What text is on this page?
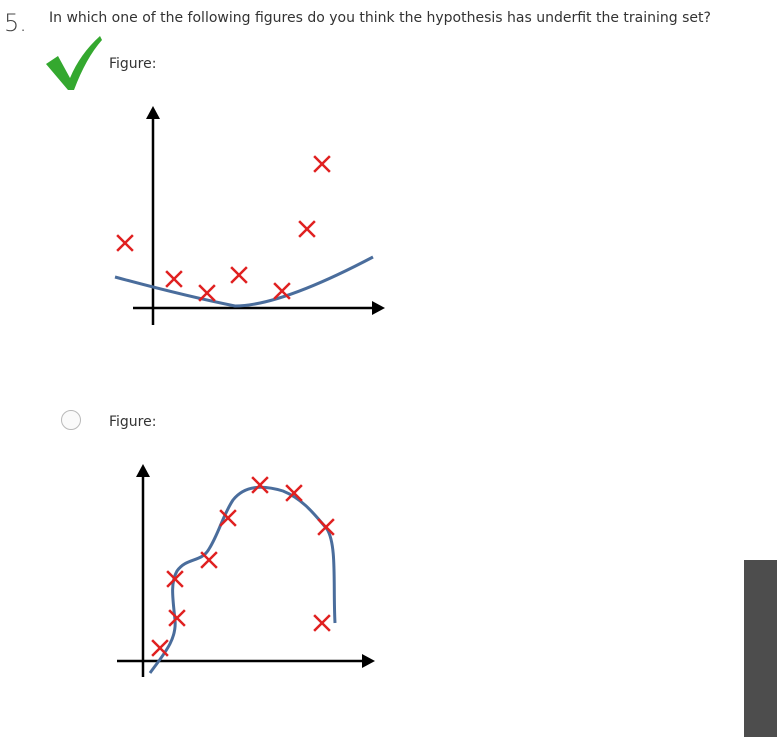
5. In which one of the following figures do you think the hypothesis has underfit the training set?
Figure:
Figure:
